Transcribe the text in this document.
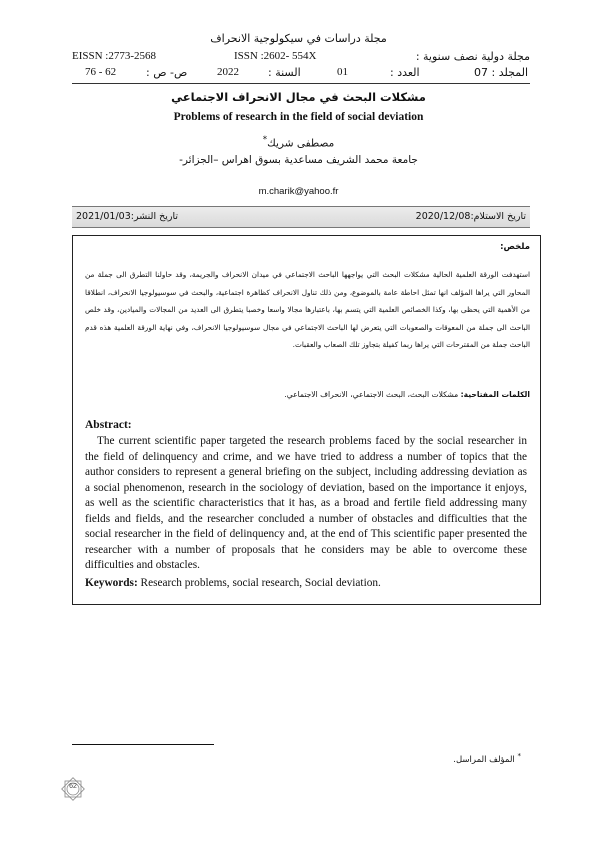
مجلة دراسات في سيكولوجية الانحراف
EISSN :2773-2568	ISSN :2602- 554X	مجلة دولية نصف سنوية :
76 - 62	ص- ص :	2022	السنة :	01	العدد :	المجلد : 07
مشكلات البحث في مجال الانحراف الاجتماعي
Problems of research in the field of social deviation
مصطفى شريك*
جامعة محمد الشريف مساعدية بسوق اهراس –الجزائر-
m.charik@yahoo.fr
تاريخ الاستلام:2020/12/08
تاريخ النشر:2021/01/03
ملخص:
استهدفت الورقة العلمية الحالية مشكلات البحث التي يواجهها الباحث الاجتماعي في ميدان الانحراف والجريمة، وقد حاولنا التطرق الى جملة من المحاور التي يراها المؤلف انها تمثل احاطة عامة بالموضوع، ومن ذلك تناول الانحراف كظاهرة اجتماعية، والبحث في سوسيولوجيا الانحراف، انطلاقا من الأهمية التي يحظى بها، وكذا الخصائص العلمية التي يتسم بها، باعتبارها مجالا واسعا وخصبا يتطرق الى العديد من المجالات والميادين، وقد خلص الباحث الى جملة من المعوقات والصعوبات التي يتعرض لها الباحث الاجتماعي في مجال سوسيولوجيا الانحراف، وفي نهاية الورقة العلمية هذه قدم الباحث جملة من المقترحات التي يراها ربما كفيلة بتجاوز تلك الصعاب والعقبات.
الكلمات المفتاحية: مشكلات البحث، البحث الاجتماعي، الانحراف الاجتماعي.
Abstract:
The current scientific paper targeted the research problems faced by the social researcher in the field of delinquency and crime, and we have tried to address a number of topics that the author considers to represent a general briefing on the subject, including addressing deviation as a social phenomenon, research in the sociology of deviation, based on the importance it enjoys, as well as the scientific characteristics that it has, as a broad and fertile field addressing many fields and fields, and the researcher concluded a number of obstacles and difficulties that the social researcher in the field of delinquency and, at the end of This scientific paper presented the researcher with a number of proposals that he considers may be able to overcome these difficulties and obstacles.
Keywords: Research problems, social research, Social deviation.
* المؤلف المراسل.
62
